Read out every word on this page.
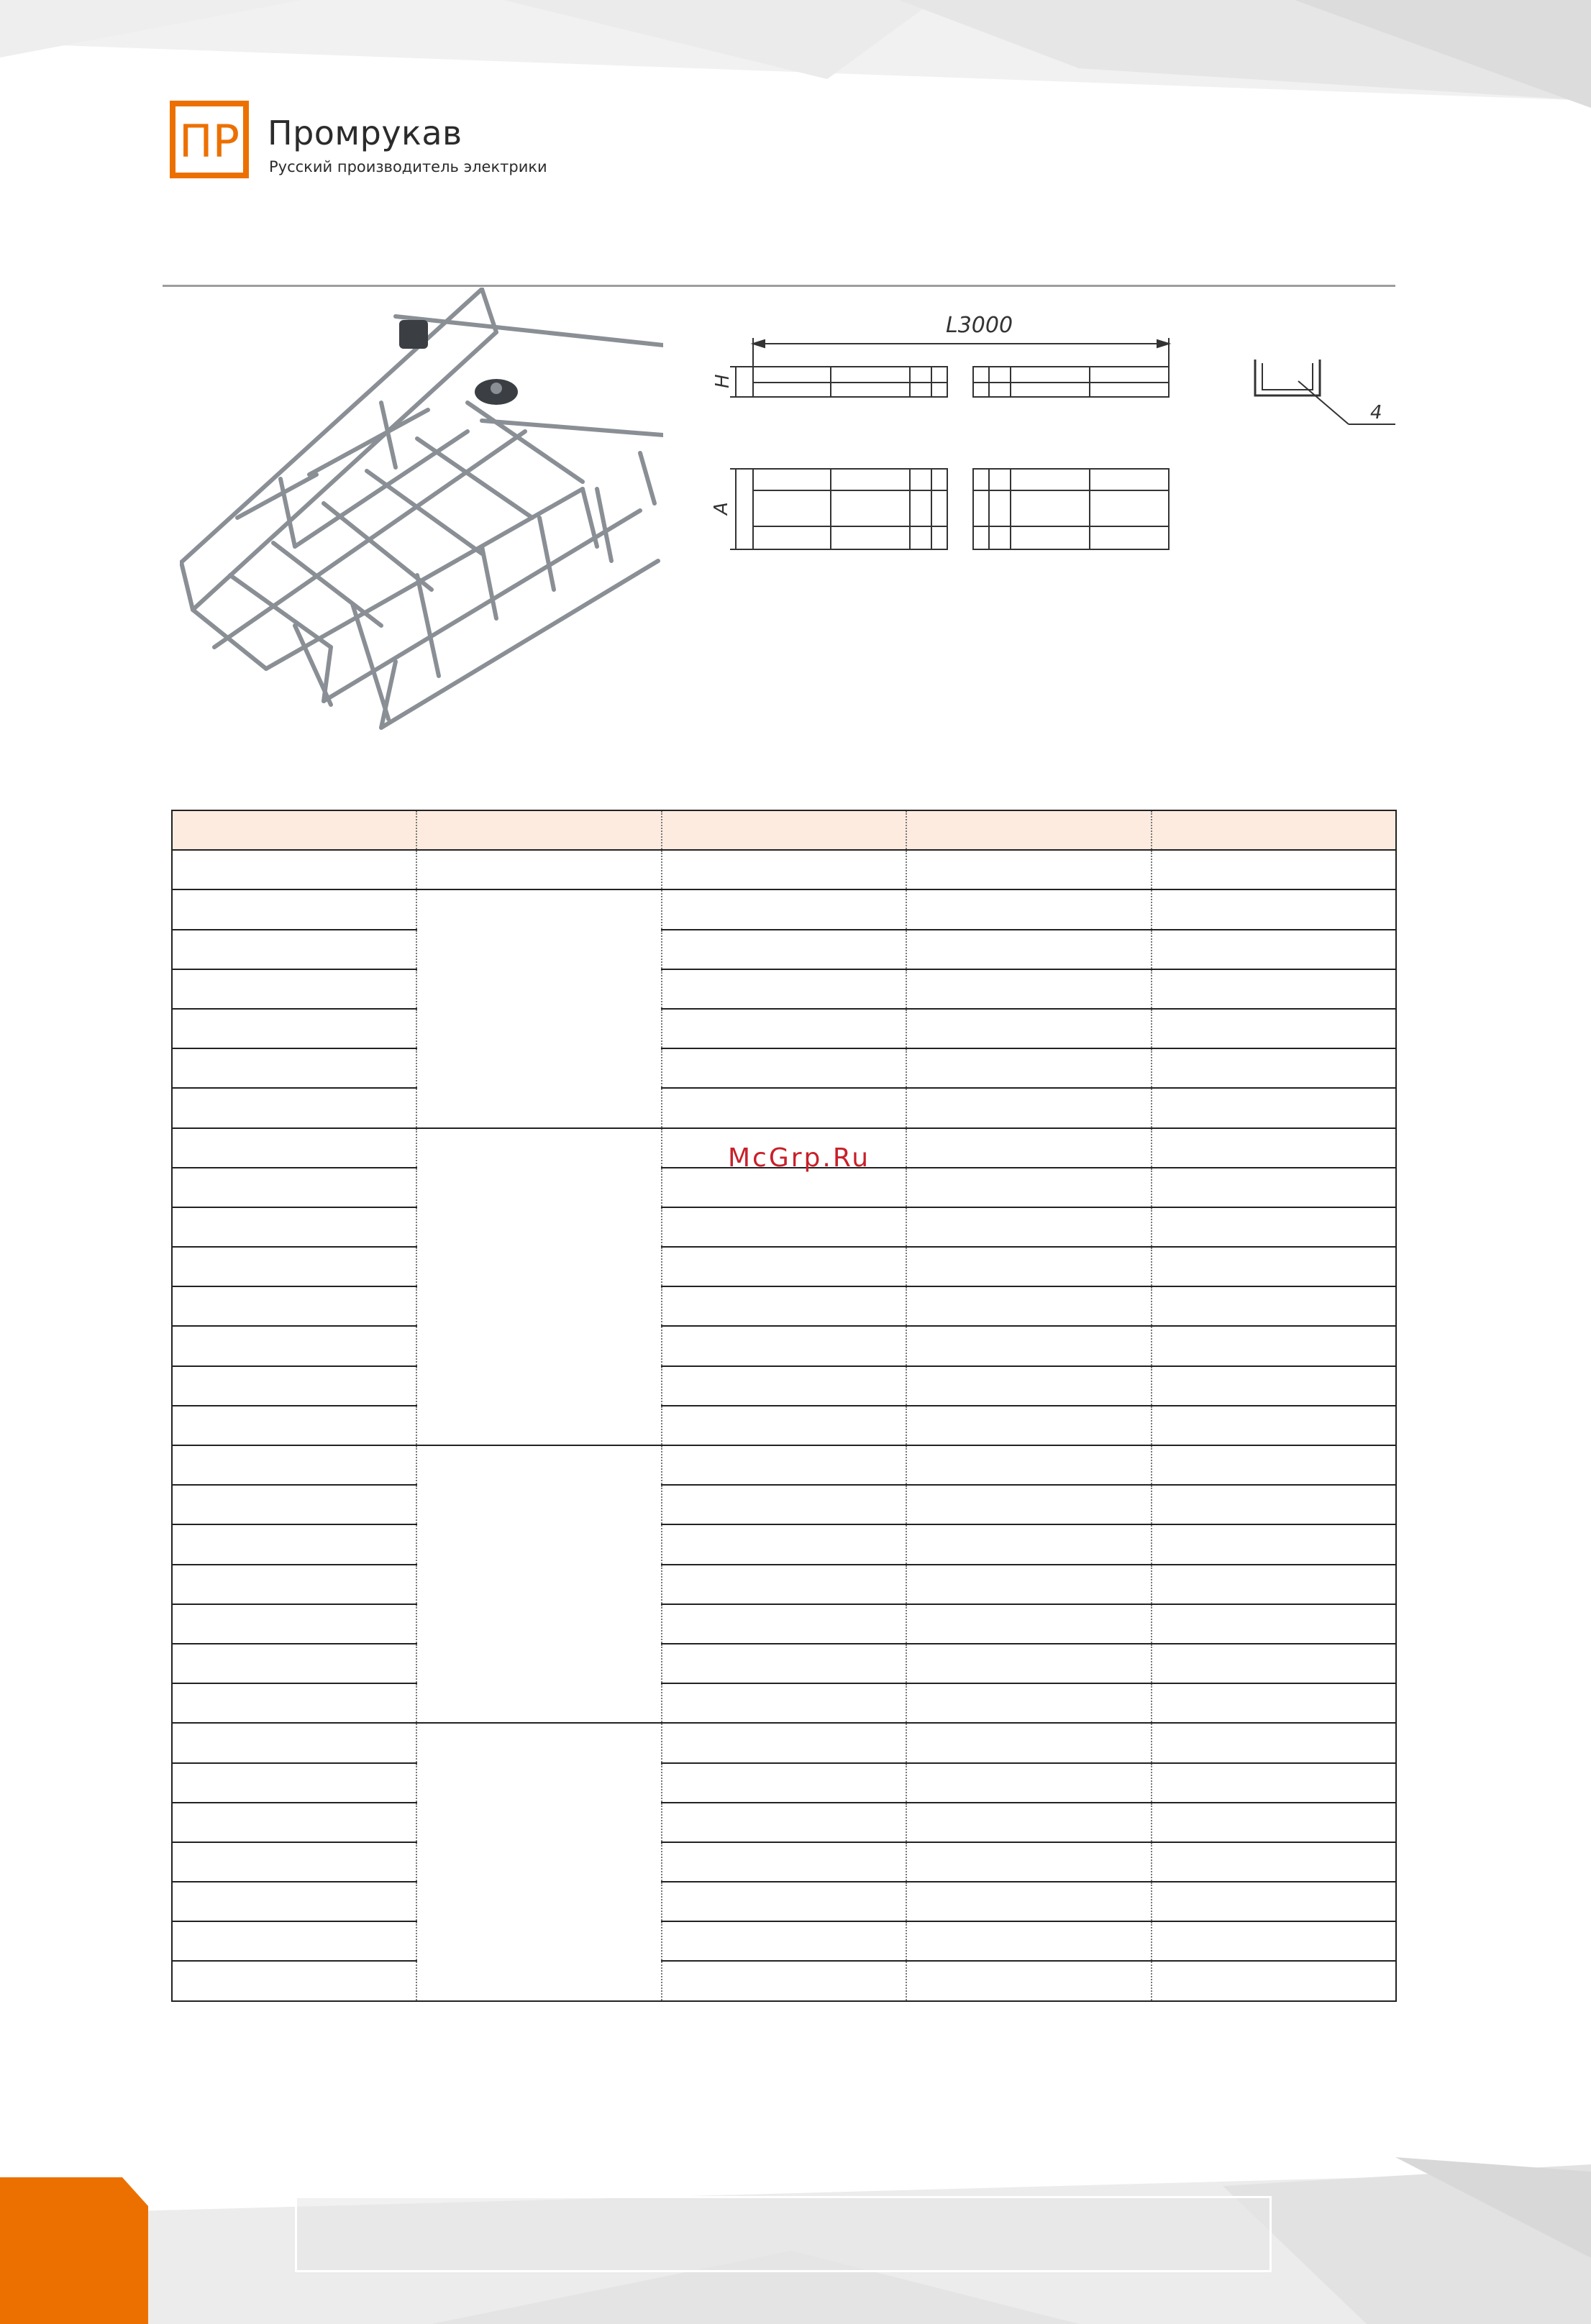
ПР Промрукав
Русский производитель электрики
L3000
H
A
4

McGrp.Ru
